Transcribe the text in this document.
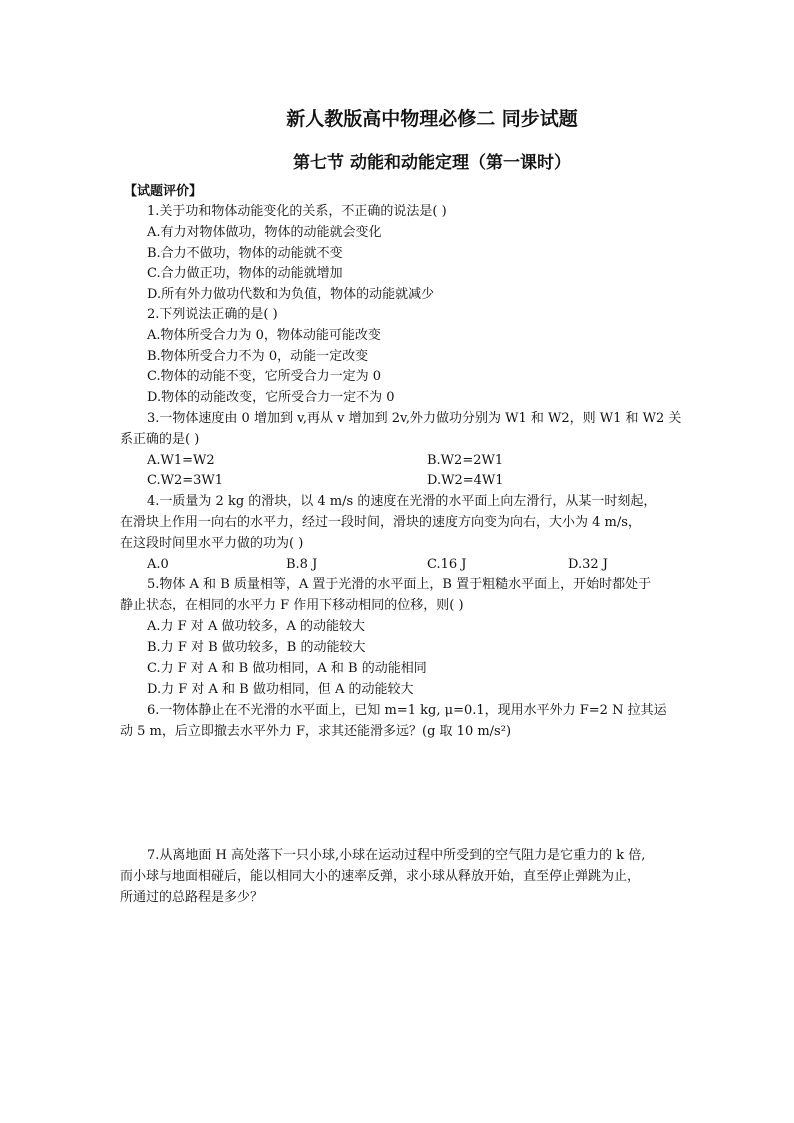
新人教版高中物理必修二 同步试题
第七节 动能和动能定理（第一课时）
【试题评价】
1.关于功和物体动能变化的关系，不正确的说法是( )
A.有力对物体做功，物体的动能就会变化
B.合力不做功，物体的动能就不变
C.合力做正功，物体的动能就增加
D.所有外力做功代数和为负值，物体的动能就减少
2.下列说法正确的是( )
A.物体所受合力为 0，物体动能可能改变
B.物体所受合力不为 0，动能一定改变
C.物体的动能不变，它所受合力一定为 0
D.物体的动能改变，它所受合力一定不为 0
3.一物体速度由 0 增加到 v,再从 v 增加到 2v,外力做功分别为 W1 和 W2，则 W1 和 W2 关
系正确的是( )
A.W1=W2	B.W2=2W1
C.W2=3W1	D.W2=4W1
4.一质量为 2 kg 的滑块，以 4 m/s 的速度在光滑的水平面上向左滑行，从某一时刻起，
在滑块上作用一向右的水平力，经过一段时间，滑块的速度方向变为向右，大小为 4 m/s，
在这段时间里水平力做的功为( )
A.0	B.8 J	C.16 J	D.32 J
5.物体 A 和 B 质量相等，A 置于光滑的水平面上，B 置于粗糙水平面上，开始时都处于
静止状态，在相同的水平力 F 作用下移动相同的位移，则( )
A.力 F 对 A 做功较多，A 的动能较大
B.力 F 对 B 做功较多，B 的动能较大
C.力 F 对 A 和 B 做功相同，A 和 B 的动能相同
D.力 F 对 A 和 B 做功相同，但 A 的动能较大
6.一物体静止在不光滑的水平面上，已知 m=1 kg, μ=0.1，现用水平外力 F=2 N 拉其运
动 5 m，后立即撤去水平外力 F，求其还能滑多远？(g 取 10 m/s²)
7.从离地面 H 高处落下一只小球,小球在运动过程中所受到的空气阻力是它重力的 k 倍,
而小球与地面相碰后，能以相同大小的速率反弹，求小球从释放开始，直至停止弹跳为止，
所通过的总路程是多少？
